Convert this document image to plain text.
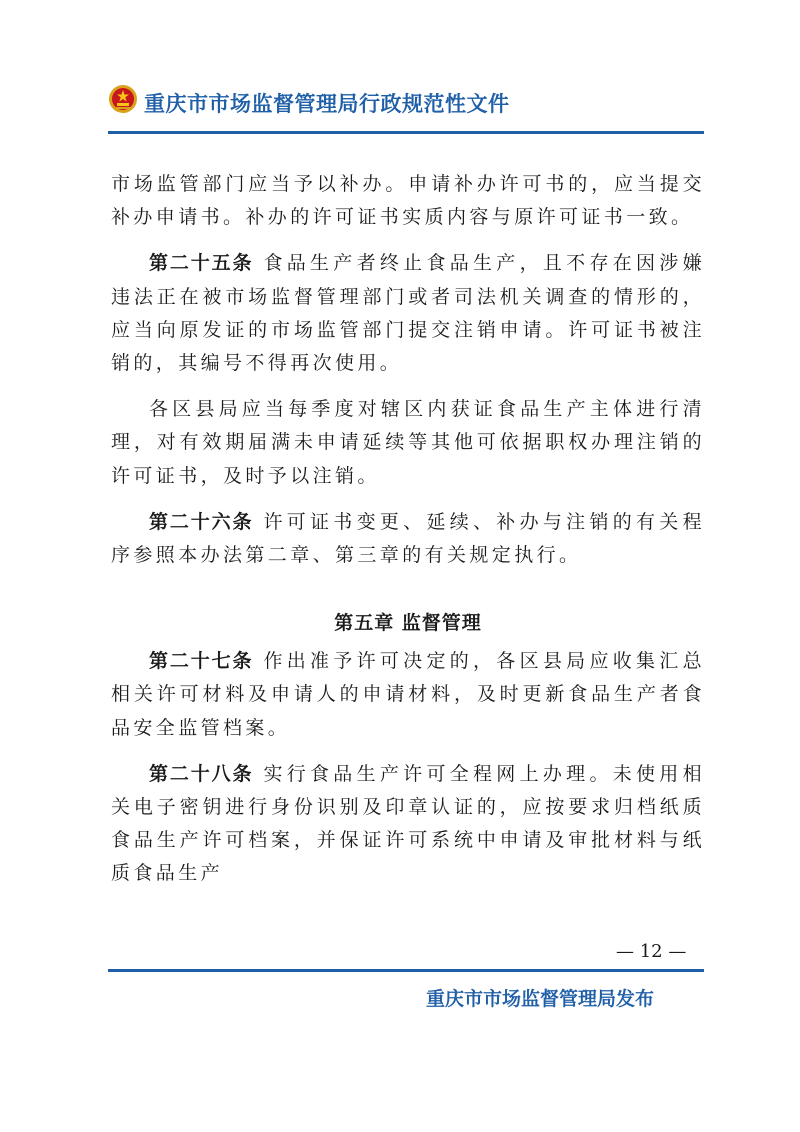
重庆市市场监督管理局行政规范性文件

市场监管部门应当予以补办。申请补办许可书的，应当提交补办申请书。补办的许可证书实质内容与原许可证书一致。

第二十五条 食品生产者终止食品生产，且不存在因涉嫌违法正在被市场监督管理部门或者司法机关调查的情形的，应当向原发证的市场监管部门提交注销申请。许可证书被注销的，其编号不得再次使用。

各区县局应当每季度对辖区内获证食品生产主体进行清理，对有效期届满未申请延续等其他可依据职权办理注销的许可证书，及时予以注销。

第二十六条 许可证书变更、延续、补办与注销的有关程序参照本办法第二章、第三章的有关规定执行。

第五章 监督管理

第二十七条 作出准予许可决定的，各区县局应收集汇总相关许可材料及申请人的申请材料，及时更新食品生产者食品安全监管档案。

第二十八条 实行食品生产许可全程网上办理。未使用相关电子密钥进行身份识别及印章认证的，应按要求归档纸质食品生产许可档案，并保证许可系统中申请及审批材料与纸质食品生产

— 12 —
重庆市市场监督管理局发布
